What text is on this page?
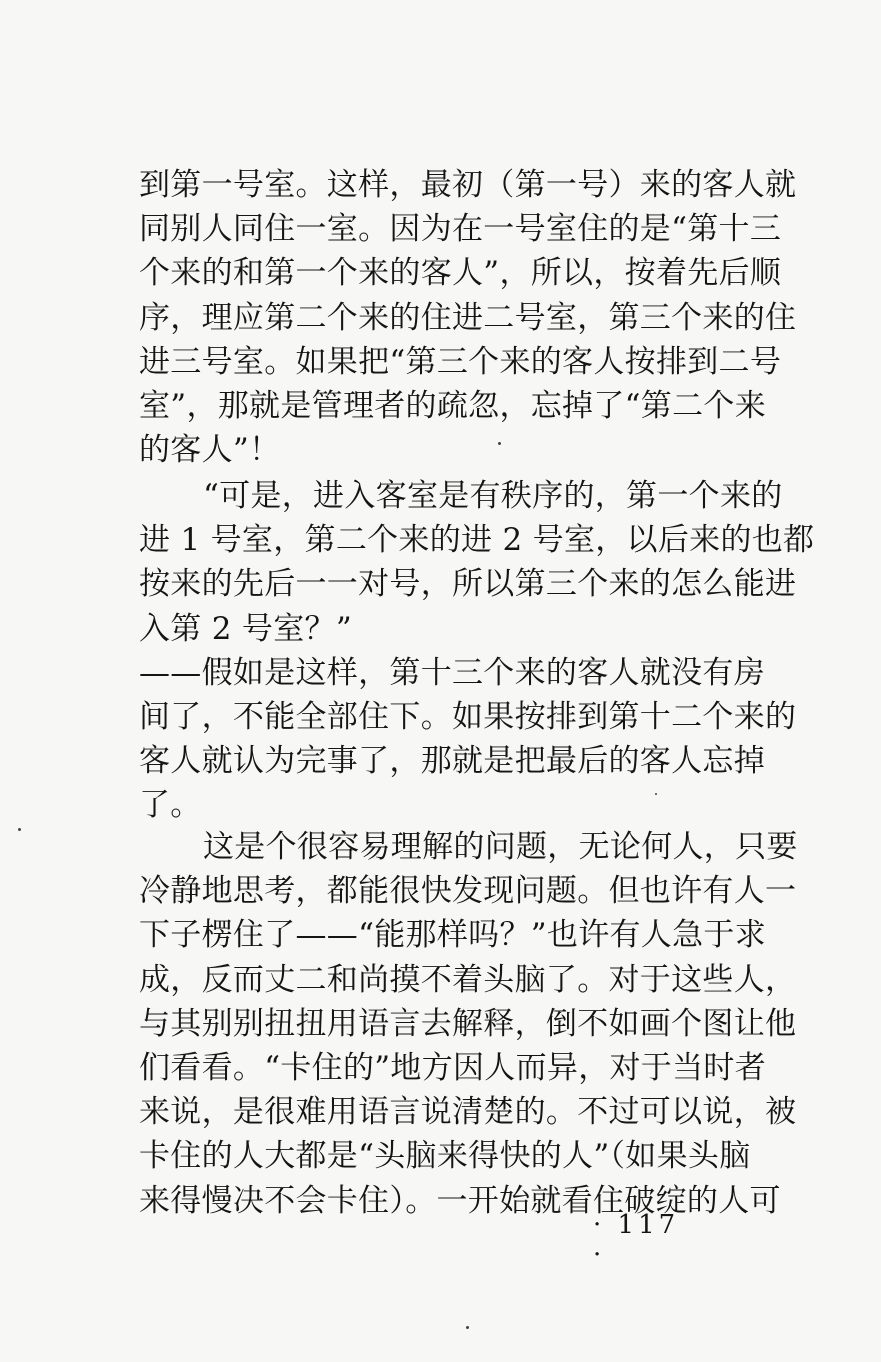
到第一号室。这样，最初（第一号）来的客人就
同别人同住一室。因为在一号室住的是“第十三
个来的和第一个来的客人”，所以，按着先后顺
序，理应第二个来的住进二号室，第三个来的住
进三号室。如果把“第三个来的客人按排到二号
室”，那就是管理者的疏忽，忘掉了“第二个来
的客人”！
“可是，进入客室是有秩序的，第一个来的
进 1 号室，第二个来的进 2 号室，以后来的也都
按来的先后一一对号，所以第三个来的怎么能进
入第 2 号室？”
——假如是这样，第十三个来的客人就没有房
间了，不能全部住下。如果按排到第十二个来的
客人就认为完事了，那就是把最后的客人忘掉
了。
这是个很容易理解的问题，无论何人，只要
冷静地思考，都能很快发现问题。但也许有人一
下子楞住了——“能那样吗？”也许有人急于求
成，反而丈二和尚摸不着头脑了。对于这些人，
与其别别扭扭用语言去解释，倒不如画个图让他
们看看。“卡住的”地方因人而异，对于当时者
来说，是很难用语言说清楚的。不过可以说，被
卡住的人大都是“头脑来得快的人”（如果头脑
来得慢决不会卡住）。一开始就看住破绽的人可
· 117 ·
